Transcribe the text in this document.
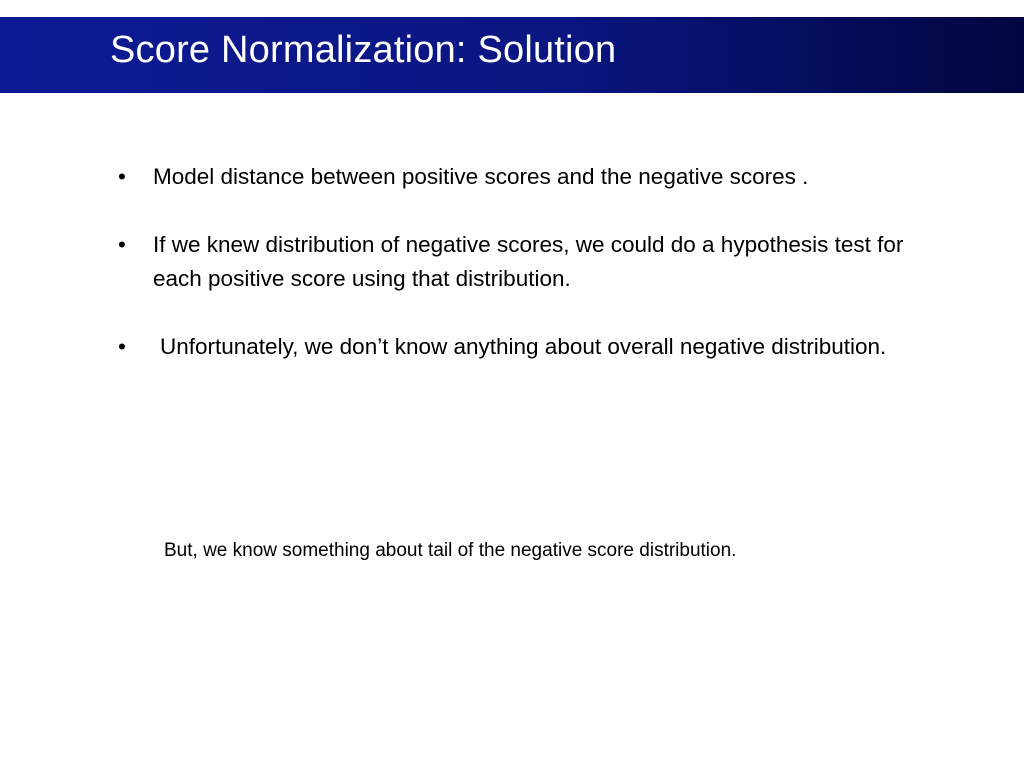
Score Normalization: Solution
•	Model distance between positive scores and the negative scores .
•	If we knew distribution of negative scores, we could do a hypothesis test for each positive score using that distribution.
•	Unfortunately, we don’t know anything about overall negative distribution.

But, we know something about tail of the negative score distribution.
